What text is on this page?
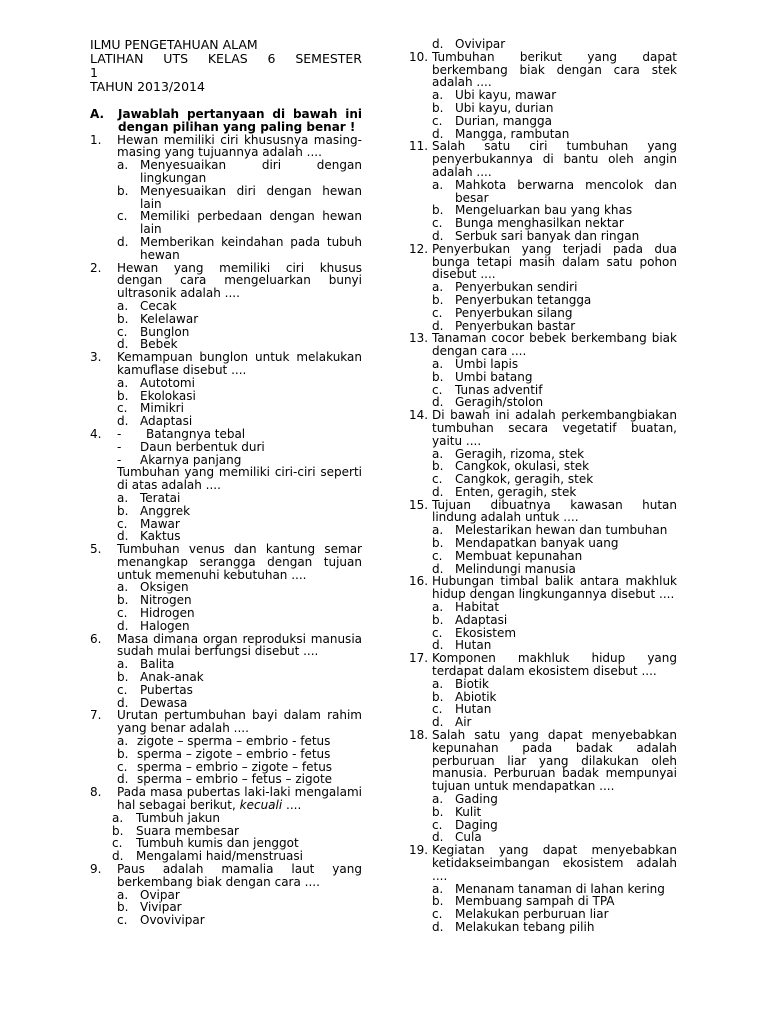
ILMU PENGETAHUAN ALAM
LATIHAN UTS KELAS 6 SEMESTER
1
TAHUN 2013/2014
A.	Jawablah pertanyaan di bawah ini dengan pilihan yang paling benar !
1.	Hewan memiliki ciri khususnya masing-masing yang tujuannya adalah ....
a. Menyesuaikan diri dengan lingkungan
b. Menyesuaikan diri dengan hewan lain
c.	Memiliki perbedaan dengan hewan lain
d. Memberikan keindahan pada tubuh hewan
2.	Hewan yang memiliki ciri khusus dengan cara mengeluarkan bunyi ultrasonik adalah ....
a. Cecak
b. Kelelawar
c.	Bunglon
d. Bebek
3.	Kemampuan bunglon untuk melakukan kamuflase disebut ....
a. Autotomi
b. Ekolokasi
c.	Mimikri
d. Adaptasi
4.	-	Batangnya tebal
-	Daun berbentuk duri
-	Akarnya panjang
Tumbuhan yang memiliki ciri-ciri seperti di atas adalah ....
a. Teratai
b. Anggrek
c.	Mawar
d. Kaktus
5.	Tumbuhan venus dan kantung semar menangkap serangga dengan tujuan untuk memenuhi kebutuhan ....
a. Oksigen
b. Nitrogen
c.	Hidrogen
d. Halogen
6.	Masa dimana organ reproduksi manusia sudah mulai berfungsi disebut ....
a. Balita
b. Anak-anak
c.	Pubertas
d. Dewasa
7.	Urutan pertumbuhan bayi dalam rahim yang benar adalah ....
a. zigote – sperma – embrio - fetus
b. sperma – zigote – embrio - fetus
c. sperma – embrio – zigote – fetus
d. sperma – embrio – fetus – zigote
8.	Pada masa pubertas laki-laki mengalami hal sebagai berikut, kecuali ....
a.	Tumbuh jakun
b.	Suara membesar
c.	Tumbuh kumis dan jenggot
d.	Mengalami haid/menstruasi
9.	Paus adalah mamalia laut yang berkembang biak dengan cara ....
a. Ovipar
b. Vivipar
c.	Ovovivipar
d. Ovivipar
10. Tumbuhan berikut yang dapat berkembang biak dengan cara stek adalah ....
a. Ubi kayu, mawar
b. Ubi kayu, durian
c.	Durian, mangga
d. Mangga, rambutan
11. Salah satu ciri tumbuhan yang penyerbukannya di bantu oleh angin adalah ....
a. Mahkota berwarna mencolok dan besar
b. Mengeluarkan bau yang khas
c.	Bunga menghasilkan nektar
d. Serbuk sari banyak dan ringan
12. Penyerbukan yang terjadi pada dua bunga tetapi masih dalam satu pohon disebut ....
a. Penyerbukan sendiri
b. Penyerbukan tetangga
c.	Penyerbukan silang
d. Penyerbukan bastar
13. Tanaman cocor bebek berkembang biak dengan cara ....
a. Umbi lapis
b. Umbi batang
c.	Tunas adventif
d. Geragih/stolon
14. Di bawah ini adalah perkembangbiakan tumbuhan secara vegetatif buatan, yaitu ....
a. Geragih, rizoma, stek
b. Cangkok, okulasi, stek
c.	Cangkok, geragih, stek
d. Enten, geragih, stek
15. Tujuan dibuatnya kawasan hutan lindung adalah untuk ....
a. Melestarikan hewan dan tumbuhan
b. Mendapatkan banyak uang
c.	Membuat kepunahan
d. Melindungi manusia
16. Hubungan timbal balik antara makhluk hidup dengan lingkungannya disebut ....
a. Habitat
b. Adaptasi
c.	Ekosistem
d. Hutan
17. Komponen makhluk hidup yang terdapat dalam ekosistem disebut ....
a. Biotik
b. Abiotik
c.	Hutan
d. Air
18. Salah satu yang dapat menyebabkan kepunahan pada badak adalah perburuan liar yang dilakukan oleh manusia. Perburuan badak mempunyai tujuan untuk mendapatkan ....
a. Gading
b. Kulit
c.	Daging
d. Cula
19. Kegiatan yang dapat menyebabkan ketidakseimbangan ekosistem adalah ....
a. Menanam tanaman di lahan kering
b. Membuang sampah di TPA
c.	Melakukan perburuan liar
d. Melakukan tebang pilih
